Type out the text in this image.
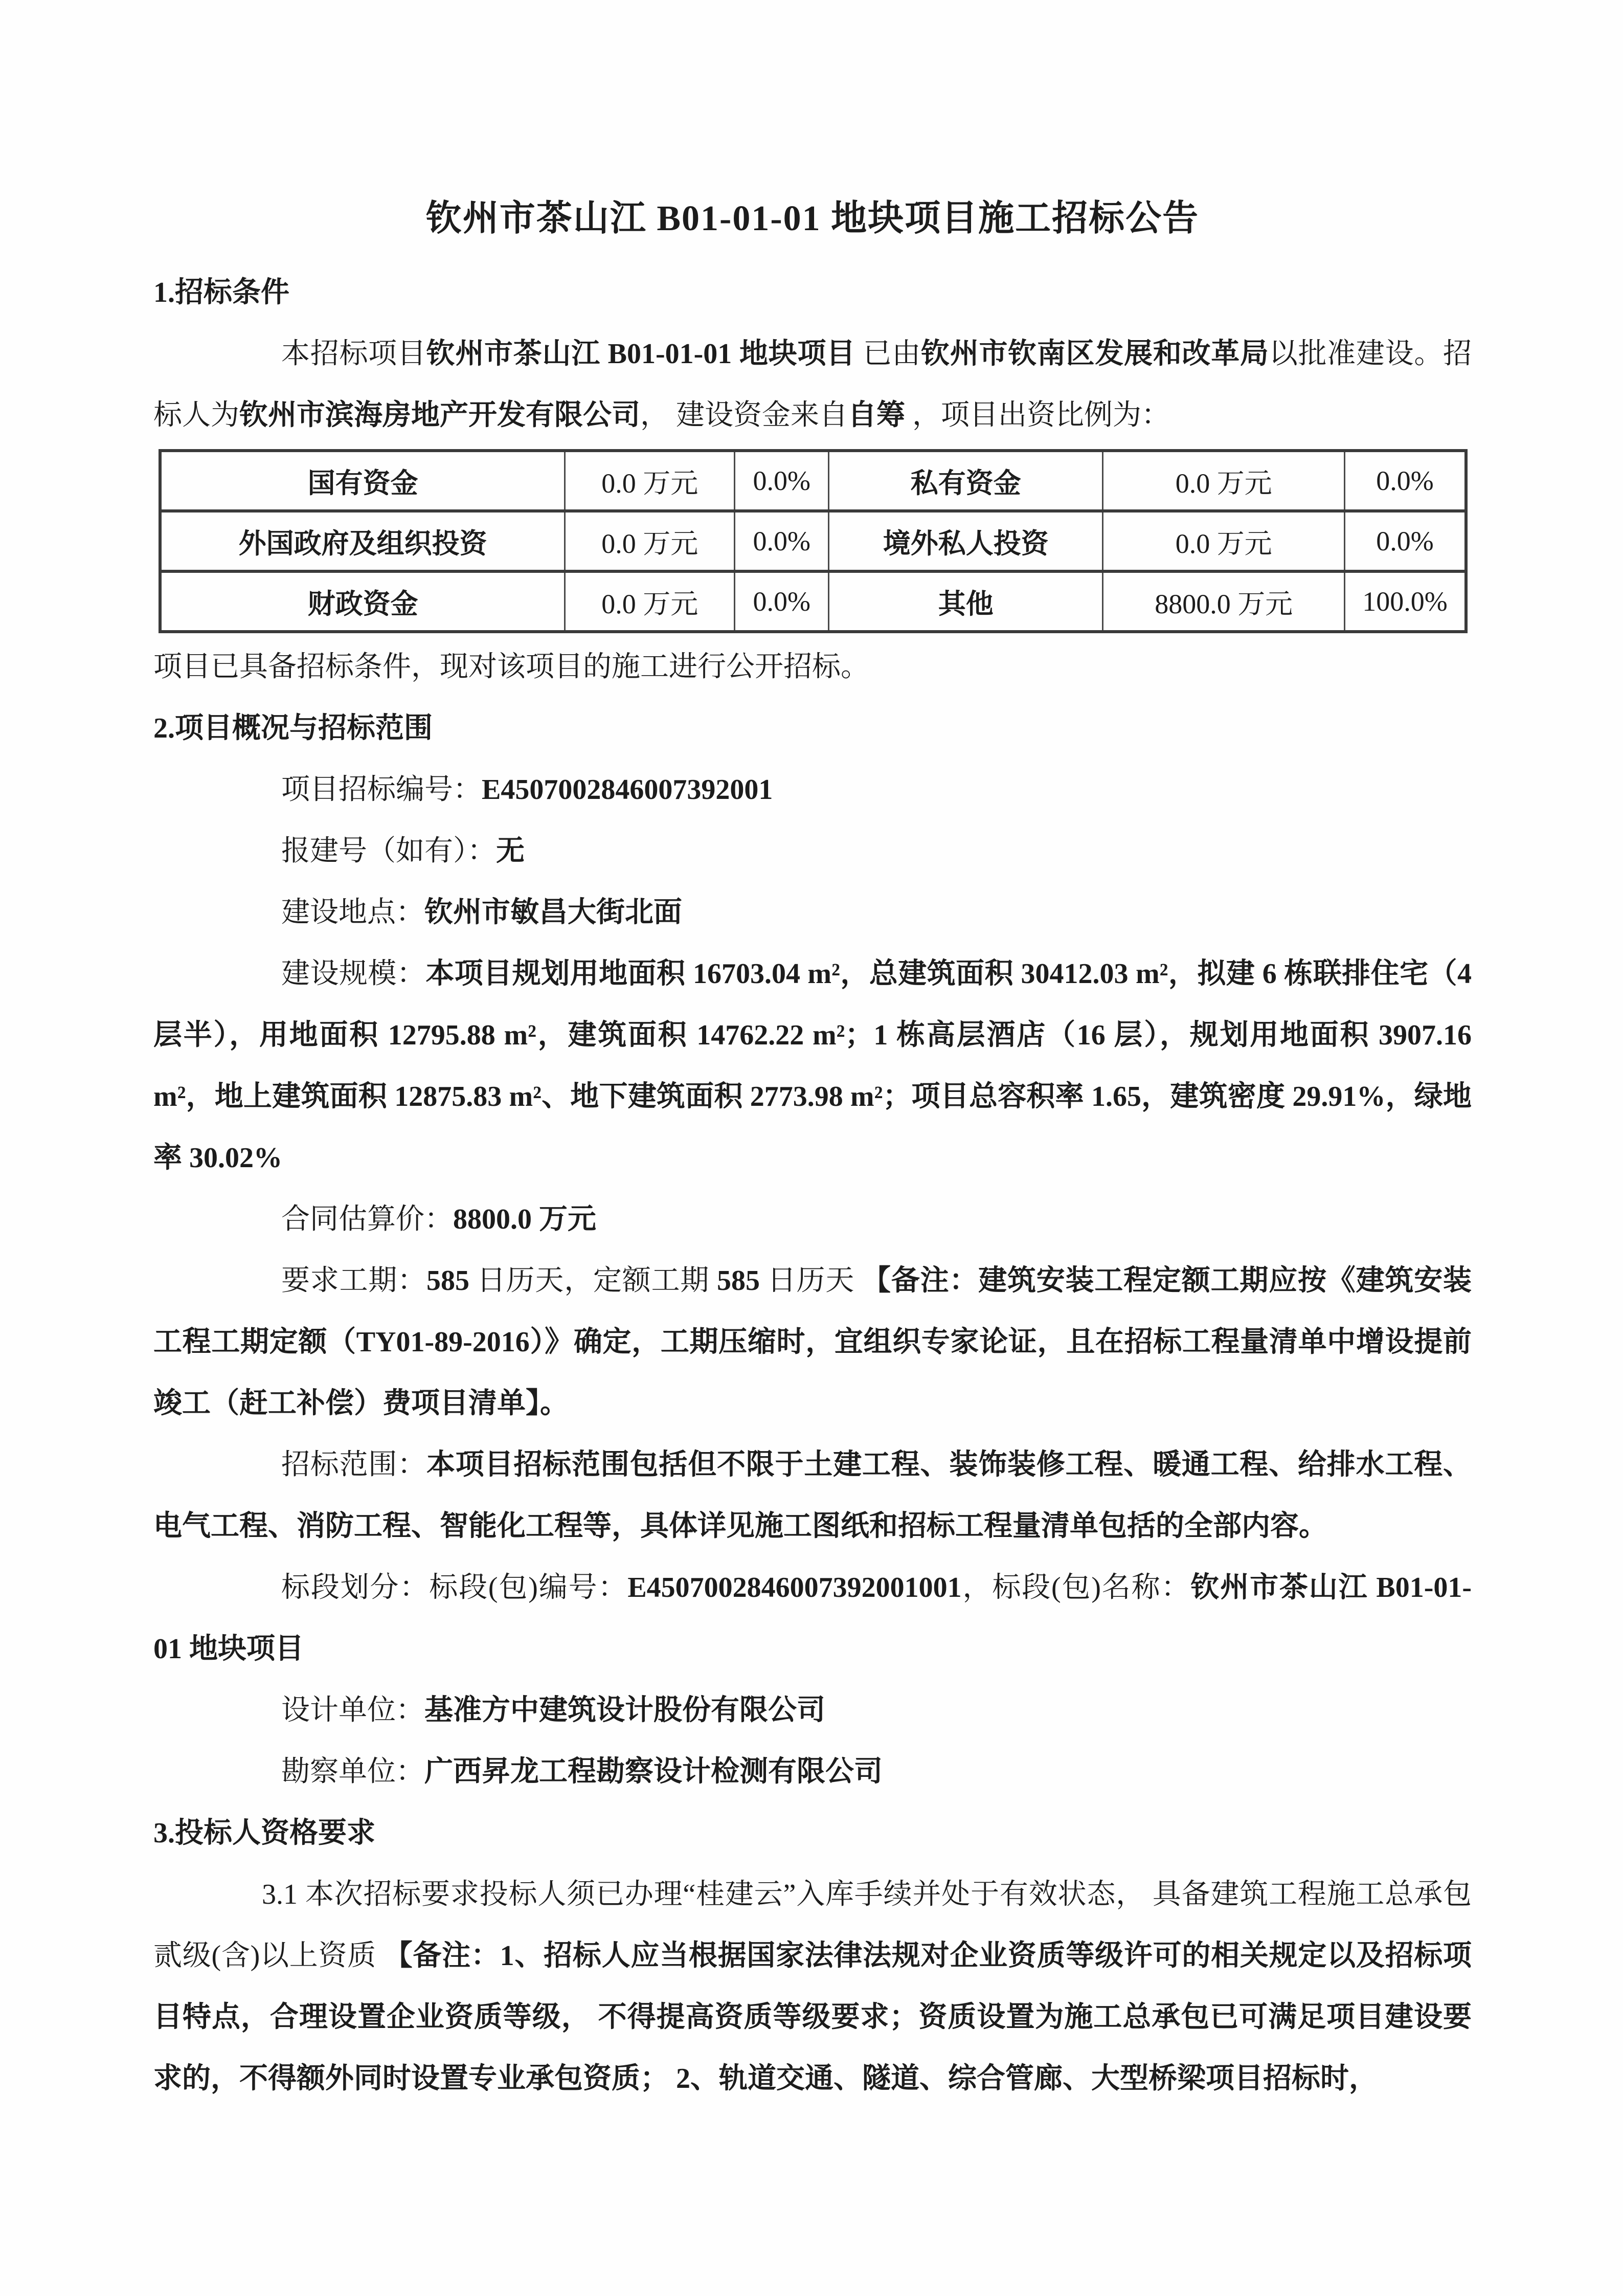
钦州市茶山江 B01-01-01 地块项目施工招标公告
1.招标条件

本招标项目钦州市茶山江 B01-01-01 地块项目 已由钦州市钦南区发展和改革局以批准建设。招标人为钦州市滨海房地产开发有限公司， 建设资金来自自筹 ，项目出资比例为：

国有资金	0.0 万元	0.0%	私有资金	0.0 万元	0.0%
外国政府及组织投资	0.0 万元	0.0%	境外私人投资	0.0 万元	0.0%
财政资金	0.0 万元	0.0%	其他	8800.0 万元	100.0%

项目已具备招标条件，现对该项目的施工进行公开招标。

2.项目概况与招标范围

项目招标编号：E4507002846007392001

报建号（如有）：无

建设地点：钦州市敏昌大街北面

建设规模：本项目规划用地面积 16703.04 m²，总建筑面积 30412.03 m²，拟建 6 栋联排住宅（4 层半），用地面积 12795.88 m²，建筑面积 14762.22 m²；1 栋高层酒店（16 层），规划用地面积 3907.16 m²，地上建筑面积 12875.83 m²、地下建筑面积 2773.98 m²；项目总容积率 1.65，建筑密度 29.91%，绿地率 30.02%

合同估算价：8800.0 万元

要求工期：585 日历天，定额工期 585 日历天 【备注：建筑安装工程定额工期应按《建筑安装工程工期定额（TY01-89-2016）》确定，工期压缩时，宜组织专家论证，且在招标工程量清单中增设提前竣工（赶工补偿）费项目清单】。

招标范围：本项目招标范围包括但不限于土建工程、装饰装修工程、暖通工程、给排水工程、电气工程、消防工程、智能化工程等，具体详见施工图纸和招标工程量清单包括的全部内容。

标段划分：标段(包)编号：E4507002846007392001001，标段(包)名称：钦州市茶山江 B01-01-01 地块项目

设计单位：基准方中建筑设计股份有限公司

勘察单位：广西昇龙工程勘察设计检测有限公司

3.投标人资格要求

3.1 本次招标要求投标人须已办理“桂建云”入库手续并处于有效状态， 具备建筑工程施工总承包贰级(含)以上资质 【备注：1、招标人应当根据国家法律法规对企业资质等级许可的相关规定以及招标项目特点，合理设置企业资质等级， 不得提高资质等级要求；资质设置为施工总承包已可满足项目建设要求的，不得额外同时设置专业承包资质； 2、轨道交通、隧道、综合管廊、大型桥梁项目招标时，
